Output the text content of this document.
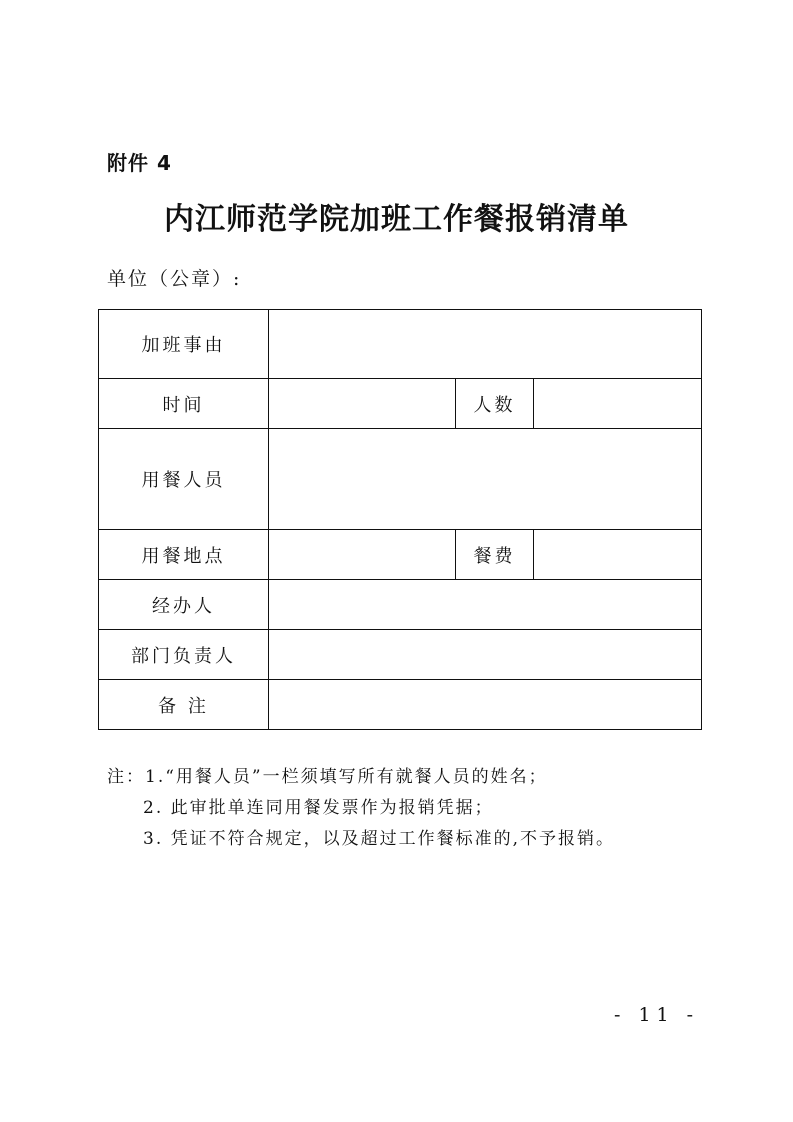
附件 4
内江师范学院加班工作餐报销清单
单位（公章）:
加班事由			
时间		人数	
用餐人员			
用餐地点		餐费	
经办人			
部门负责人			
备 注			
注：1.“用餐人员”一栏须填写所有就餐人员的姓名；
2. 此审批单连同用餐发票作为报销凭据；
3. 凭证不符合规定，以及超过工作餐标准的,不予报销。
- 11 -
